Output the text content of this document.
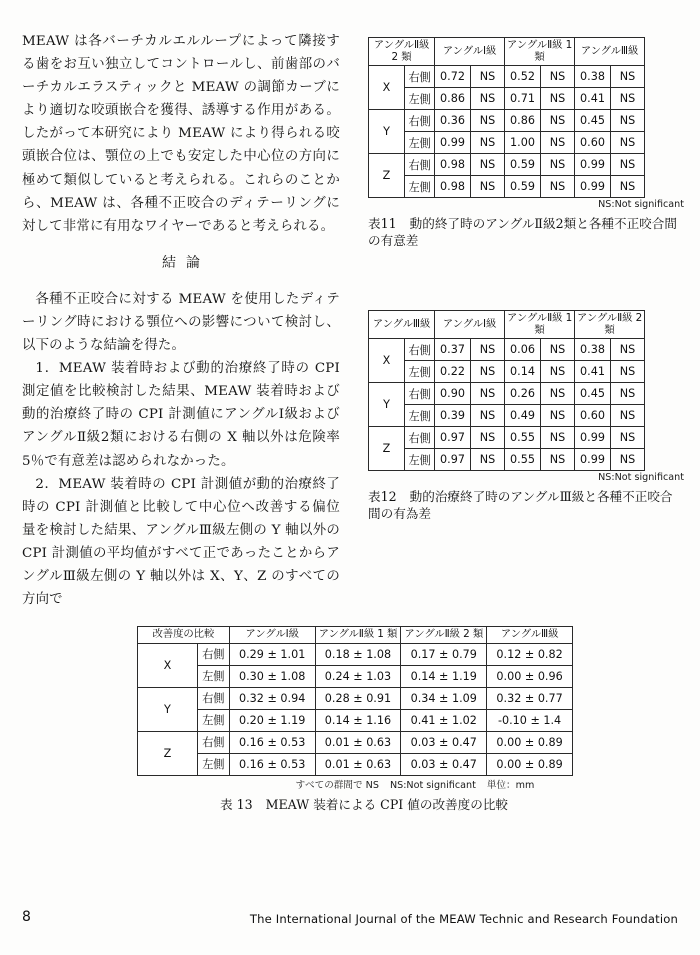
MEAW は各バーチカルエルループによって隣接する歯をお互い独立してコントロールし、前歯部のバーチカルエラスティックと MEAW の調節カーブにより適切な咬頭嵌合を獲得、誘導する作用がある。したがって本研究により MEAW により得られる咬頭嵌合位は、顎位の上でも安定した中心位の方向に極めて類似していると考えられる。これらのことから、MEAW は、各種不正咬合のディテーリングに対して非常に有用なワイヤーであると考えられる。

結論

各種不正咬合に対する MEAW を使用したディテーリング時における顎位への影響について検討し、以下のような結論を得た。

1．MEAW 装着時および動的治療終了時の CPI 測定値を比較検討した結果、MEAW 装着時および動的治療終了時の CPI 計測値にアングルⅠ級およびアングルⅡ級2類における右側の X 軸以外は危険率5％で有意差は認められなかった。

2．MEAW 装着時の CPI 計測値が動的治療終了時の CPI 計測値と比較して中心位へ改善する偏位量を検討した結果、アングルⅢ級左側の Y 軸以外の CPI 計測値の平均値がすべて正であったことからアングルⅢ級左側の Y 軸以外は X、Y、Z のすべての方向で

アングルⅡ級 2 類		アングルⅠ級		アングルⅡ級 1 類		アングルⅢ級	
X	右側	0.72	NS	0.52	NS	0.38	NS
	左側	0.86	NS	0.71	NS	0.41	NS
Y	右側	0.36	NS	0.86	NS	0.45	NS
	左側	0.99	NS	1.00	NS	0.60	NS
Z	右側	0.98	NS	0.59	NS	0.99	NS
	左側	0.98	NS	0.59	NS	0.99	NS
NS:Not significant
表11 動的終了時のアングルⅡ級2類と各種不正咬合間の有意差
アングルⅢ級		アングルⅠ級		アングルⅡ級 1 類		アングルⅡ級 2 類	
X	右側	0.37	NS	0.06	NS	0.38	NS
	左側	0.22	NS	0.14	NS	0.41	NS
Y	右側	0.90	NS	0.26	NS	0.45	NS
	左側	0.39	NS	0.49	NS	0.60	NS
Z	右側	0.97	NS	0.55	NS	0.99	NS
	左側	0.97	NS	0.55	NS	0.99	NS
NS:Not significant
表12 動的治療終了時のアングルⅢ級と各種不正咬合間の有為差
改善度の比較		アングルⅠ級	アングルⅡ級 1 類	アングルⅡ級 2 類	アングルⅢ級
X	右側	0.29 ± 1.01	0.18 ± 1.08	0.17 ± 0.79	0.12 ± 0.82
	左側	0.30 ± 1.08	0.24 ± 1.03	0.14 ± 1.19	0.00 ± 0.96
Y	右側	0.32 ± 0.94	0.28 ± 0.91	0.34 ± 1.09	0.32 ± 0.77
	左側	0.20 ± 1.19	0.14 ± 1.16	0.41 ± 1.02	-0.10 ± 1.4
Z	右側	0.16 ± 0.53	0.01 ± 0.63	0.03 ± 0.47	0.00 ± 0.89
	左側	0.16 ± 0.53	0.01 ± 0.63	0.03 ± 0.47	0.00 ± 0.89
すべての群間で NS NS:Not significant 単位：mm
表 13 MEAW 装着による CPI 値の改善度の比較
8	The International Journal of the MEAW Technic and Research Foundation
